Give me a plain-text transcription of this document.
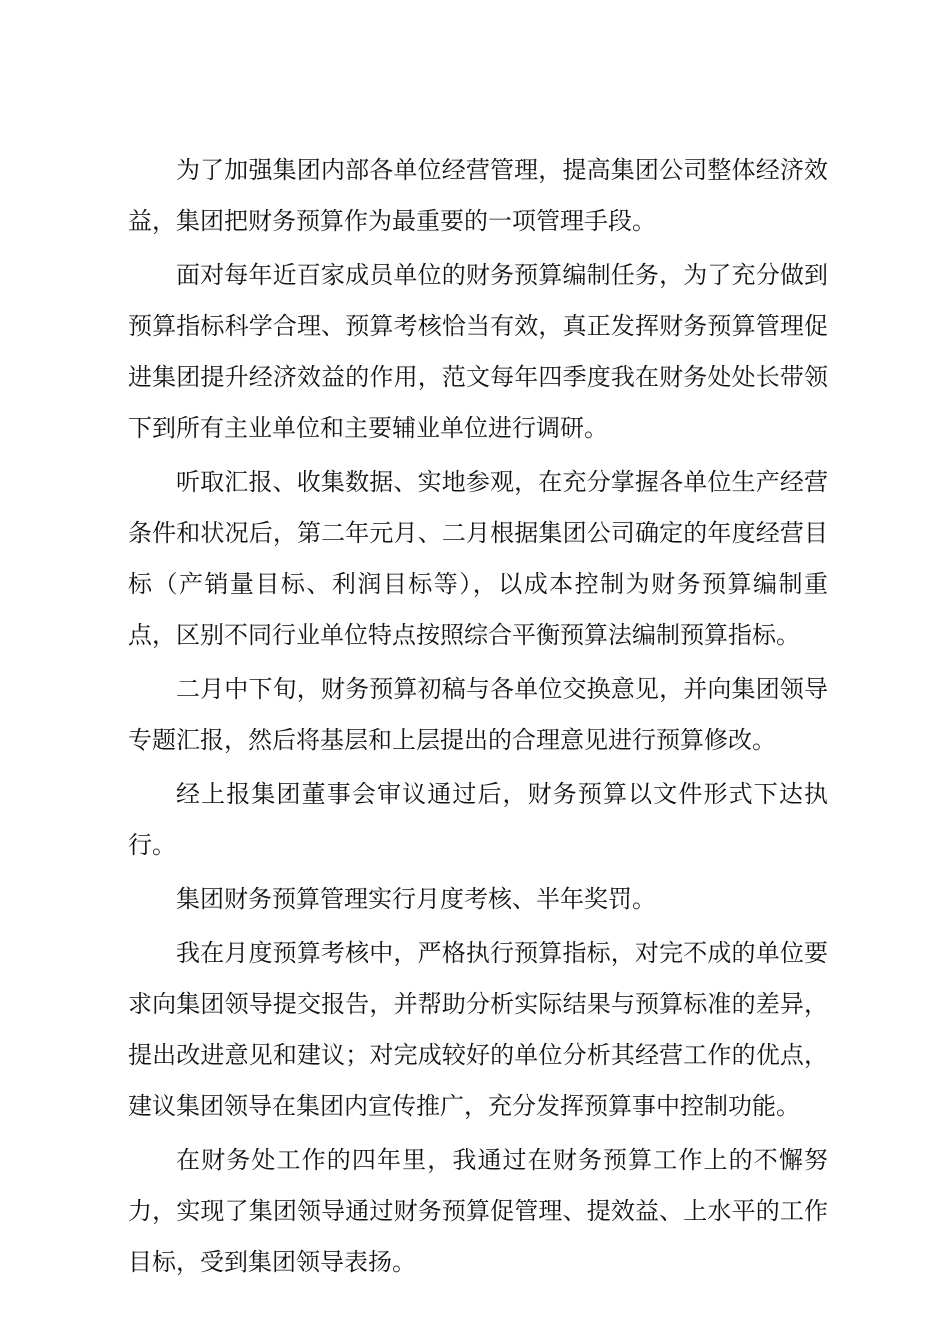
为了加强集团内部各单位经营管理，提高集团公司整体经济效益，集团把财务预算作为最重要的一项管理手段。

面对每年近百家成员单位的财务预算编制任务，为了充分做到预算指标科学合理、预算考核恰当有效，真正发挥财务预算管理促进集团提升经济效益的作用，范文每年四季度我在财务处处长带领下到所有主业单位和主要辅业单位进行调研。

听取汇报、收集数据、实地参观，在充分掌握各单位生产经营条件和状况后，第二年元月、二月根据集团公司确定的年度经营目标（产销量目标、利润目标等），以成本控制为财务预算编制重点，区别不同行业单位特点按照综合平衡预算法编制预算指标。

二月中下旬，财务预算初稿与各单位交换意见，并向集团领导专题汇报，然后将基层和上层提出的合理意见进行预算修改。

经上报集团董事会审议通过后，财务预算以文件形式下达执行。

集团财务预算管理实行月度考核、半年奖罚。

我在月度预算考核中，严格执行预算指标，对完不成的单位要求向集团领导提交报告，并帮助分析实际结果与预算标准的差异，提出改进意见和建议；对完成较好的单位分析其经营工作的优点，建议集团领导在集团内宣传推广，充分发挥预算事中控制功能。

在财务处工作的四年里，我通过在财务预算工作上的不懈努力，实现了集团领导通过财务预算促管理、提效益、上水平的工作目标，受到集团领导表扬。
